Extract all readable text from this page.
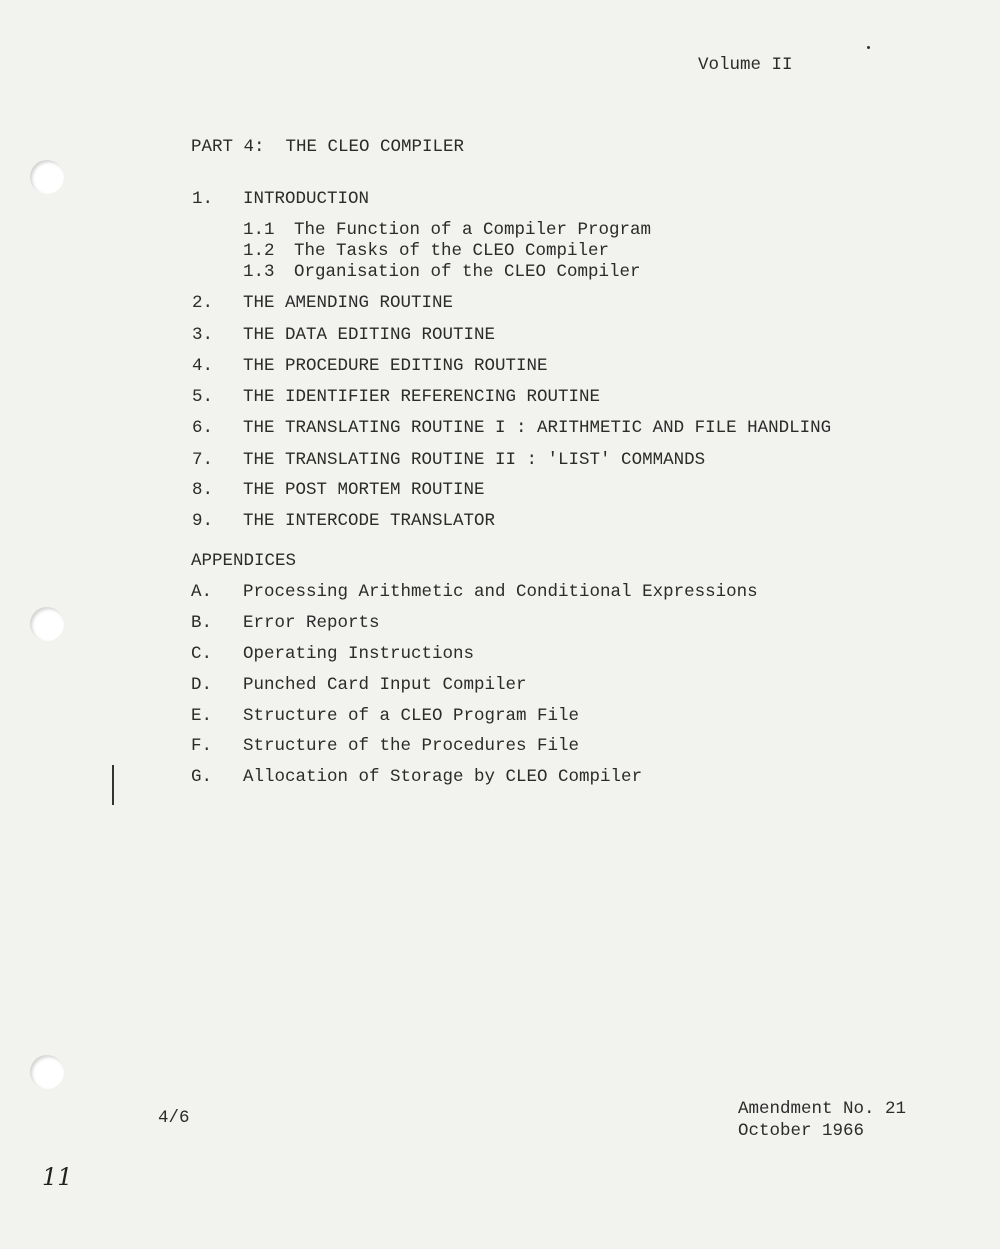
11
Volume II
PART 4:  THE CLEO COMPILER
1. INTRODUCTION
1.1 The Function of a Compiler Program
1.2 The Tasks of the CLEO Compiler
1.3 Organisation of the CLEO Compiler
2. THE AMENDING ROUTINE
3. THE DATA EDITING ROUTINE
4. THE PROCEDURE EDITING ROUTINE
5. THE IDENTIFIER REFERENCING ROUTINE
6. THE TRANSLATING ROUTINE I : ARITHMETIC AND FILE HANDLING
7. THE TRANSLATING ROUTINE II : 'LIST' COMMANDS
8. THE POST MORTEM ROUTINE
9. THE INTERCODE TRANSLATOR
APPENDICES
A. Processing Arithmetic and Conditional Expressions
B. Error Reports
C. Operating Instructions
D. Punched Card Input Compiler
E. Structure of a CLEO Program File
F. Structure of the Procedures File
G. Allocation of Storage by CLEO Compiler
4/6	Amendment No. 21
October 1966
